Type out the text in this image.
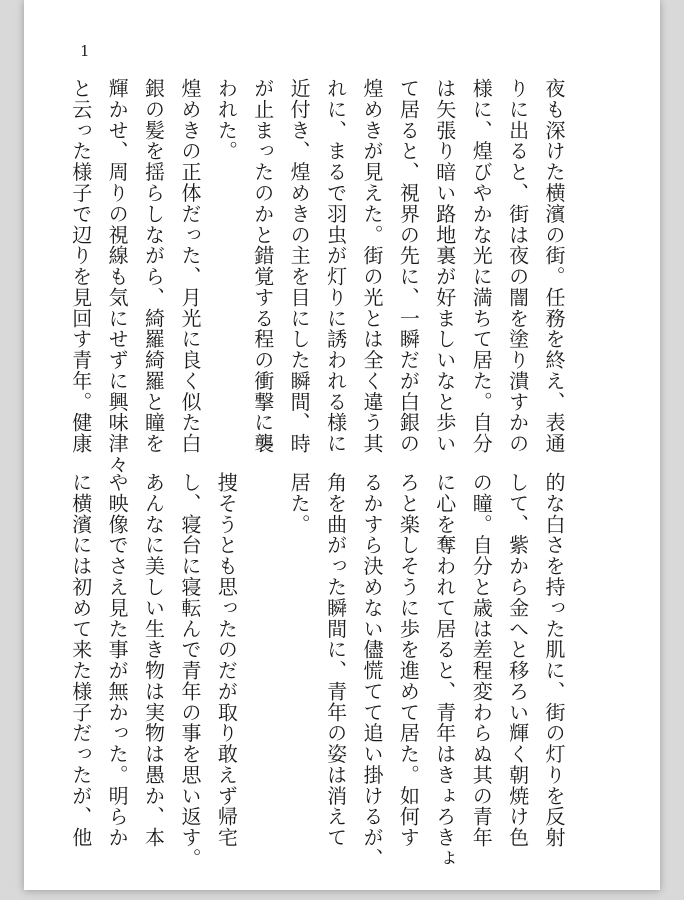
1
夜も深けた横濱の街。任務を終え、表通
りに出ると、街は夜の闇を塗り潰すかの
様に、煌びやかな光に満ちて居た。自分
は矢張り暗い路地裏が好ましいなと歩い
て居ると、視界の先に、一瞬だが白銀の
煌めきが見えた。街の光とは全く違う其
れに、まるで羽虫が灯りに誘われる様に
近付き、煌めきの主を目にした瞬間、時
が止まったのかと錯覚する程の衝撃に襲
われた。
煌めきの正体だった、月光に良く似た白
銀の髪を揺らしながら、綺羅綺羅と瞳を
輝かせ、周りの視線も気にせずに興味津々
と云った様子で辺りを見回す青年。健康
的な白さを持った肌に、街の灯りを反射
して、紫から金へと移ろい輝く朝焼け色
の瞳。自分と歳は差程変わらぬ其の青年
に心を奪われて居ると、青年はきょろきょ
ろと楽しそうに歩を進めて居た。如何す
るかすら決めない儘慌てて追い掛けるが、
角を曲がった瞬間に、青年の姿は消えて
居た。
捜そうとも思ったのだが取り敢えず帰宅
し、寝台に寝転んで青年の事を思い返す。
あんなに美しい生き物は実物は愚か、本
や映像でさえ見た事が無かった。明らか
に横濱には初めて来た様子だったが、他
